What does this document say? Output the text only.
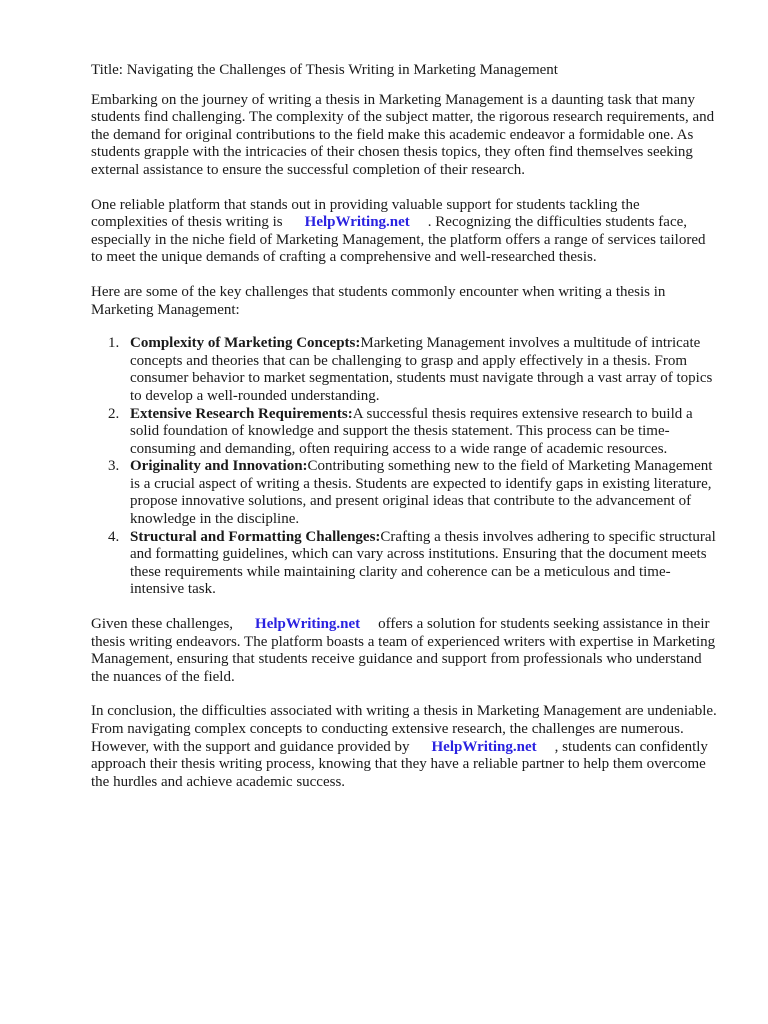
Title: Navigating the Challenges of Thesis Writing in Marketing Management

Embarking on the journey of writing a thesis in Marketing Management is a daunting task that many students find challenging. The complexity of the subject matter, the rigorous research requirements, and the demand for original contributions to the field make this academic endeavor a formidable one. As students grapple with the intricacies of their chosen thesis topics, they often find themselves seeking external assistance to ensure the successful completion of their research.

One reliable platform that stands out in providing valuable support for students tackling the complexities of thesis writing is HelpWriting.net . Recognizing the difficulties students face, especially in the niche field of Marketing Management, the platform offers a range of services tailored to meet the unique demands of crafting a comprehensive and well-researched thesis.

Here are some of the key challenges that students commonly encounter when writing a thesis in Marketing Management:

1. Complexity of Marketing Concepts:Marketing Management involves a multitude of intricate concepts and theories that can be challenging to grasp and apply effectively in a thesis. From consumer behavior to market segmentation, students must navigate through a vast array of topics to develop a well-rounded understanding.
2. Extensive Research Requirements:A successful thesis requires extensive research to build a solid foundation of knowledge and support the thesis statement. This process can be time-consuming and demanding, often requiring access to a wide range of academic resources.
3. Originality and Innovation:Contributing something new to the field of Marketing Management is a crucial aspect of writing a thesis. Students are expected to identify gaps in existing literature, propose innovative solutions, and present original ideas that contribute to the advancement of knowledge in the discipline.
4. Structural and Formatting Challenges:Crafting a thesis involves adhering to specific structural and formatting guidelines, which can vary across institutions. Ensuring that the document meets these requirements while maintaining clarity and coherence can be a meticulous and time-intensive task.

Given these challenges, HelpWriting.net offers a solution for students seeking assistance in their thesis writing endeavors. The platform boasts a team of experienced writers with expertise in Marketing Management, ensuring that students receive guidance and support from professionals who understand the nuances of the field.

In conclusion, the difficulties associated with writing a thesis in Marketing Management are undeniable. From navigating complex concepts to conducting extensive research, the challenges are numerous. However, with the support and guidance provided by HelpWriting.net , students can confidently approach their thesis writing process, knowing that they have a reliable partner to help them overcome the hurdles and achieve academic success.
